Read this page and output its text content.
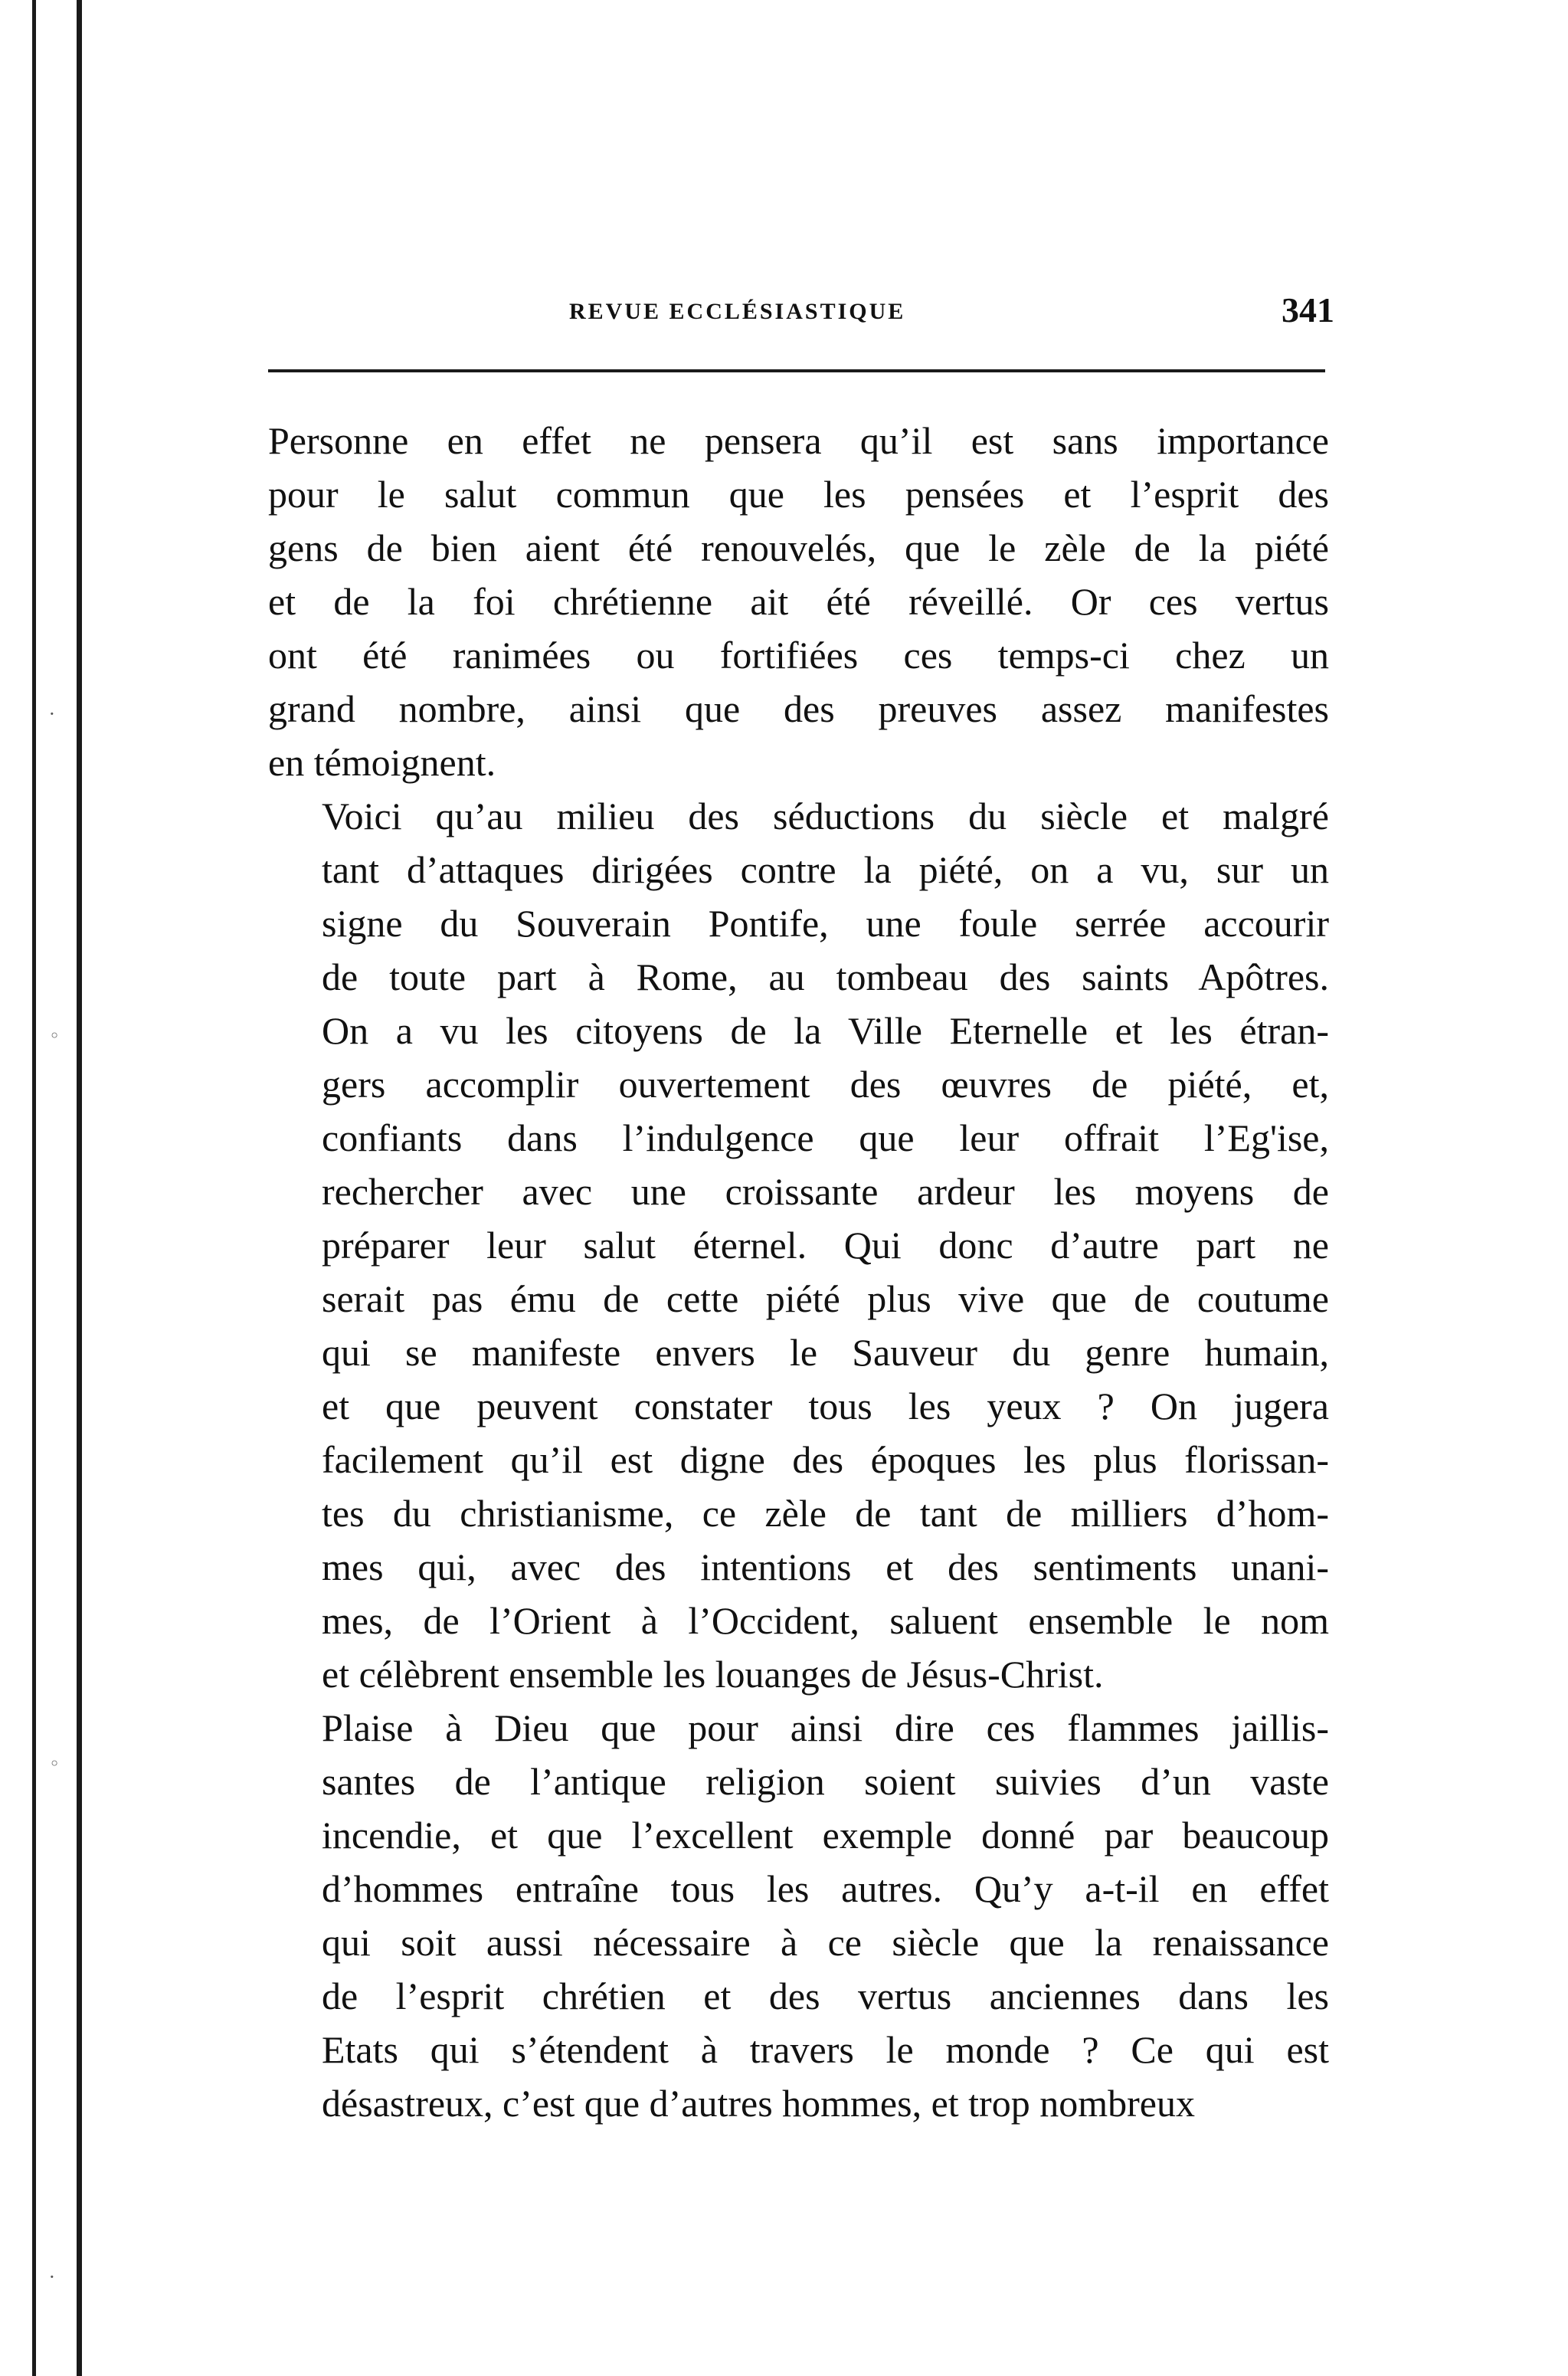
·
◦
◦
·
REVUE ECCLÉSIASTIQUE	341
Personne en effet ne pensera qu’il est sans importance
pour le salut commun que les pensées et l’esprit des
gens de bien aient été renouvelés, que le zèle de la piété
et de la foi chrétienne ait été réveillé. Or ces vertus
ont été ranimées ou fortifiées ces temps-ci chez un
grand nombre, ainsi que des preuves assez manifestes
en témoignent.
Voici qu’au milieu des séductions du siècle et malgré
tant d’attaques dirigées contre la piété, on a vu, sur un
signe du Souverain Pontife, une foule serrée accourir
de toute part à Rome, au tombeau des saints Apôtres.
On a vu les citoyens de la Ville Eternelle et les étran-
gers accomplir ouvertement des œuvres de piété, et,
confiants dans l’indulgence que leur offrait l’Eg'ise,
rechercher avec une croissante ardeur les moyens de
préparer leur salut éternel. Qui donc d’autre part ne
serait pas ému de cette piété plus vive que de coutume
qui se manifeste envers le Sauveur du genre humain,
et que peuvent constater tous les yeux ? On jugera
facilement qu’il est digne des époques les plus florissan-
tes du christianisme, ce zèle de tant de milliers d’hom-
mes qui, avec des intentions et des sentiments unani-
mes, de l’Orient à l’Occident, saluent ensemble le nom
et célèbrent ensemble les louanges de Jésus-Christ.
Plaise à Dieu que pour ainsi dire ces flammes jaillis-
santes de l’antique religion soient suivies d’un vaste
incendie, et que l’excellent exemple donné par beaucoup
d’hommes entraîne tous les autres. Qu’y a-t-il en effet
qui soit aussi nécessaire à ce siècle que la renaissance
de l’esprit chrétien et des vertus anciennes dans les
Etats qui s’étendent à travers le monde ? Ce qui est
désastreux, c’est que d’autres hommes, et trop nombreux
